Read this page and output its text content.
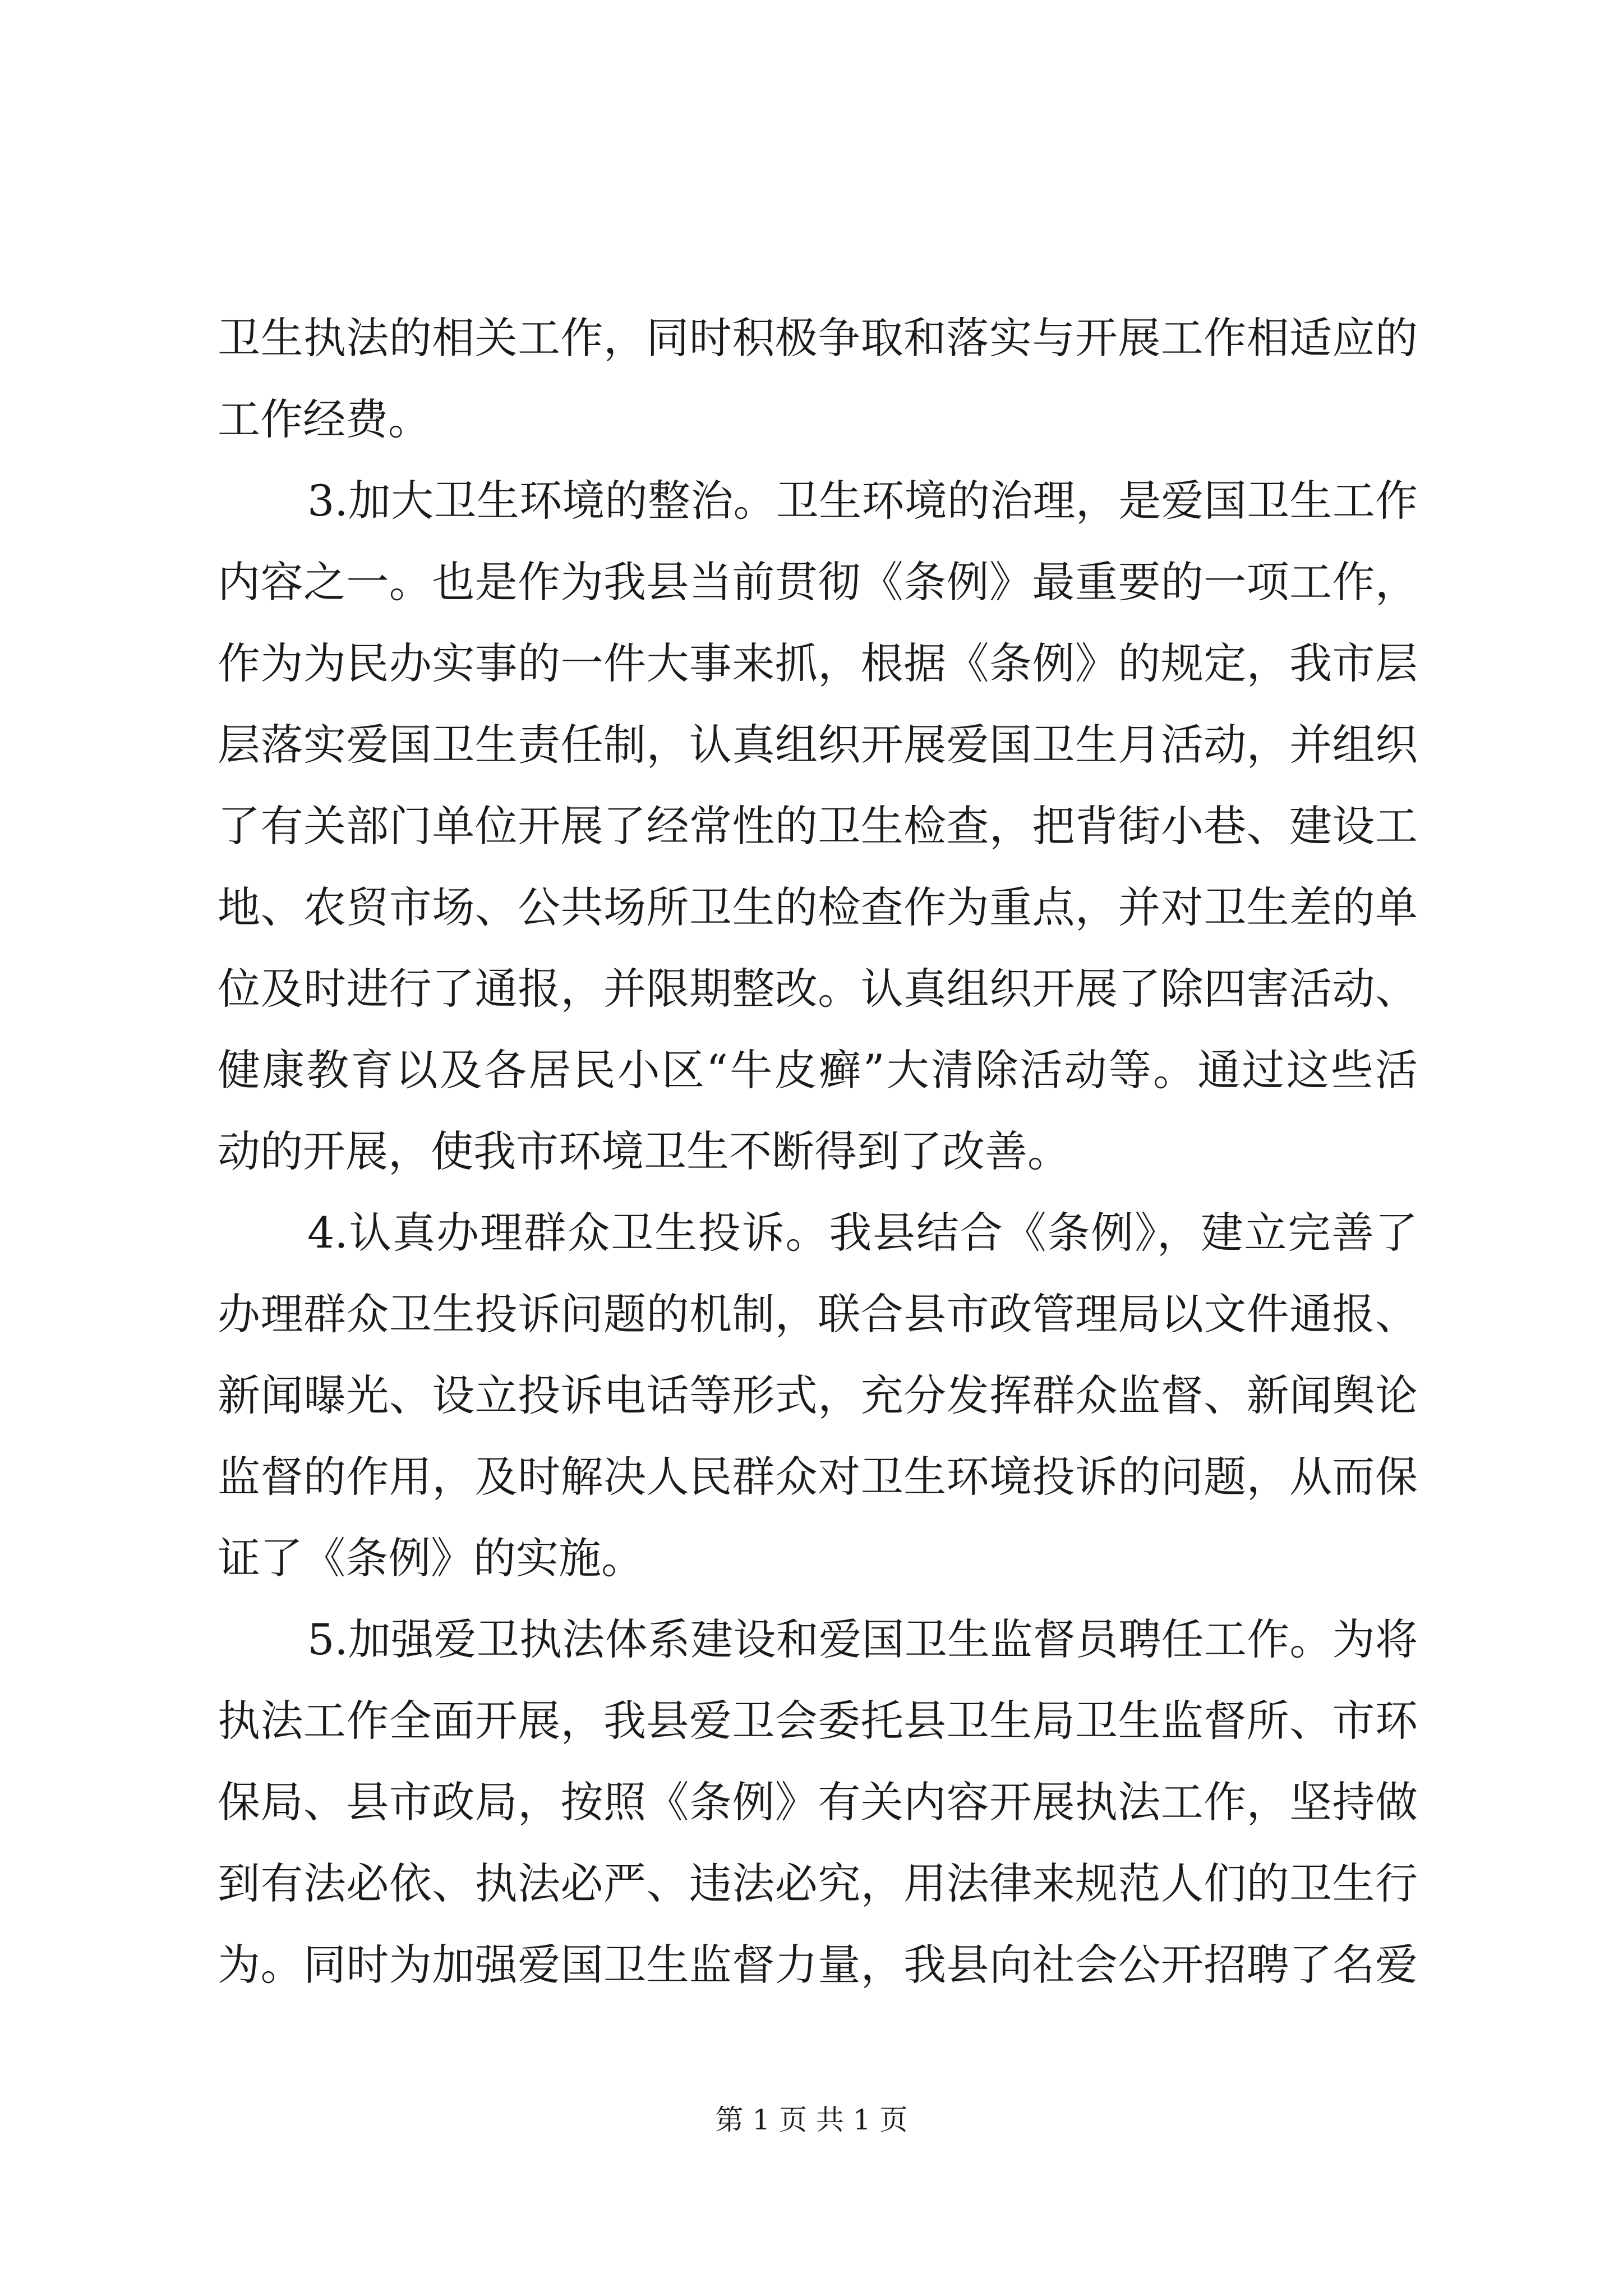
卫生执法的相关工作，同时积极争取和落实与开展工作相适应的
工作经费。
3.加大卫生环境的整治。卫生环境的治理，是爱国卫生工作
内容之一。也是作为我县当前贯彻《条例》最重要的一项工作，
作为为民办实事的一件大事来抓，根据《条例》的规定，我市层
层落实爱国卫生责任制，认真组织开展爱国卫生月活动，并组织
了有关部门单位开展了经常性的卫生检查，把背街小巷、建设工
地、农贸市场、公共场所卫生的检查作为重点，并对卫生差的单
位及时进行了通报，并限期整改。认真组织开展了除四害活动、
健康教育以及各居民小区“牛皮癣”大清除活动等。通过这些活
动的开展，使我市环境卫生不断得到了改善。
4.认真办理群众卫生投诉。我县结合《条例》，建立完善了
办理群众卫生投诉问题的机制，联合县市政管理局以文件通报、
新闻曝光、设立投诉电话等形式，充分发挥群众监督、新闻舆论
监督的作用，及时解决人民群众对卫生环境投诉的问题，从而保
证了《条例》的实施。
5.加强爱卫执法体系建设和爱国卫生监督员聘任工作。为将
执法工作全面开展，我县爱卫会委托县卫生局卫生监督所、市环
保局、县市政局，按照《条例》有关内容开展执法工作，坚持做
到有法必依、执法必严、违法必究，用法律来规范人们的卫生行
为。同时为加强爱国卫生监督力量，我县向社会公开招聘了名爱
第 1 页 共 1 页
